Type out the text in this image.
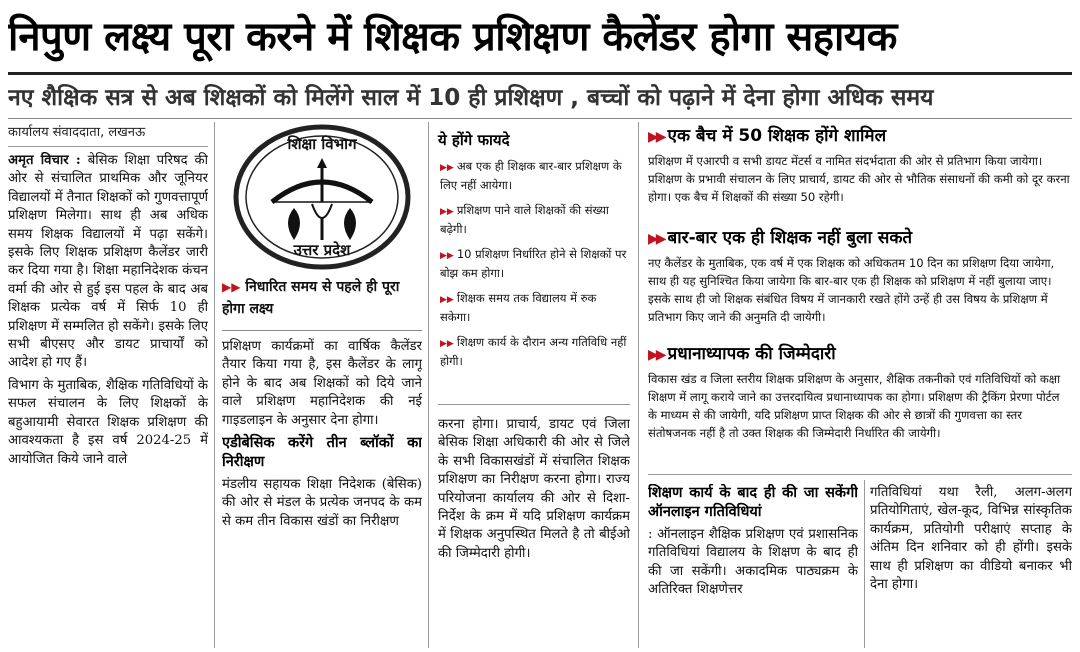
निपुण लक्ष्य पूरा करने में शिक्षक प्रशिक्षण कैलेंडर होगा सहायक
नए शैक्षिक सत्र से अब शिक्षकों को मिलेंगे साल में 10 ही प्रशिक्षण , बच्चों को पढ़ाने में देना होगा अधिक समय
कार्यालय संवाददाता, लखनऊ

अमृत विचार : बेसिक शिक्षा परिषद की ओर से संचालित प्राथमिक और जूनियर विद्यालयों में तैनात शिक्षकों को गुणवत्तापूर्ण प्रशिक्षण मिलेगा। साथ ही अब अधिक समय शिक्षक विद्यालयों में पढ़ा सकेंगे। इसके लिए शिक्षक प्रशिक्षण कैलेंडर जारी कर दिया गया है। शिक्षा महानिदेशक कंचन वर्मा की ओर से हुई इस पहल के बाद अब शिक्षक प्रत्येक वर्ष में सिर्फ 10 ही प्रशिक्षण में सम्मलित हो सकेंगे। इसके लिए सभी बीएसए और डायट प्राचार्यों को आदेश हो गए हैं।

विभाग के मुताबिक, शैक्षिक गतिविधियों के सफल संचालन के लिए शिक्षकों के बहुआयामी सेवारत शिक्षक प्रशिक्षण की आवश्यकता है इस वर्ष 2024-25 में आयोजित किये जाने वाले

शिक्षा विभाग
उत्तर प्रदेश
▶▶ निधारित समय से पहले ही पूरा होगा लक्ष्य

प्रशिक्षण कार्यक्रमों का वार्षिक कैलेंडर तैयार किया गया है, इस कैलेंडर के लागू होने के बाद अब शिक्षकों को दिये जाने वाले प्रशिक्षण महानिदेशक की नई गाइडलाइन के अनुसार देना होगा।

एडीबेसिक करेंगे तीन ब्लॉकों का निरीक्षण

मंडलीय सहायक शिक्षा निदेशक (बेसिक) की ओर से मंडल के प्रत्येक जनपद के कम से कम तीन विकास खंडों का निरीक्षण

ये होंगे फायदे
▶▶ अब एक ही शिक्षक बार-बार प्रशिक्षण के लिए नहीं आयेगा।
▶▶ प्रशिक्षण पाने वाले शिक्षकों की संख्या बढ़ेगी।
▶▶ 10 प्रशिक्षण निर्धारित होने से शिक्षकों पर बोझ कम होगा।
▶▶ शिक्षक समय तक विद्यालय में रुक सकेगा।
▶▶ शिक्षण कार्य के दौरान अन्य गतिविधि नहीं होगी।

करना होगा। प्राचार्य, डायट एवं जिला बेसिक शिक्षा अधिकारी की ओर से जिले के सभी विकासखंडों में संचालित शिक्षक प्रशिक्षण का निरीक्षण करना होगा। राज्य परियोजना कार्यालय की ओर से दिशा-निर्देश के क्रम में यदि प्रशिक्षण कार्यक्रम में शिक्षक अनुपस्थित मिलते है तो बीईओ की जिम्मेदारी होगी।

▶▶ एक बैच में 50 शिक्षक होंगे शामिल
प्रशिक्षण में एआरपी व सभी डायट मेंटर्स व नामित संदर्भदाता की ओर से प्रतिभाग किया जायेगा। प्रशिक्षण के प्रभावी संचालन के लिए प्राचार्य, डायट की ओर से भौतिक संसाधनों की कमी को दूर करना होगा। एक बैच में शिक्षकों की संख्या 50 रहेगी।
▶▶ बार-बार एक ही शिक्षक नहीं बुला सकते
नए कैलेंडर के मुताबिक, एक वर्ष में एक शिक्षक को अधिकतम 10 दिन का प्रशिक्षण दिया जायेगा, साथ ही यह सुनिश्चित किया जायेगा कि बार-बार एक ही शिक्षक को प्रशिक्षण में नहीं बुलाया जाए। इसके साथ ही जो शिक्षक संबंधित विषय में जानकारी रखते होंगे उन्हें ही उस विषय के प्रशिक्षण में प्रतिभाग किए जाने की अनुमति दी जायेगी।
▶▶ प्रधानाध्यापक की जिम्मेदारी
विकास खंड व जिला स्तरीय शिक्षक प्रशिक्षण के अनुसार, शैक्षिक तकनीको एवं गतिविधियों को कक्षा शिक्षण में लागू कराये जाने का उत्तरदायित्व प्रधानाध्यापक का होगा। प्रशिक्षण की ट्रैकिंग प्रेरणा पोर्टल के माध्यम से की जायेगी, यदि प्रशिक्षण प्राप्त शिक्षक की ओर से छात्रों की गुणवत्ता का स्तर संतोषजनक नहीं है तो उक्त शिक्षक की जिम्मेदारी निर्धारित की जायेगी।

शिक्षण कार्य के बाद ही की जा सकेंगी ऑनलाइन गतिविधियां

: ऑनलाइन शैक्षिक प्रशिक्षण एवं प्रशासनिक गतिविधियां विद्यालय के शिक्षण के बाद ही की जा सकेंगी। अकादमिक पाठ्यक्रम के अतिरिक्त शिक्षणेत्तर

गतिविधियां यथा रैली, अलग-अलग प्रतियोगिताएं, खेल-कूद, विभिन्न सांस्कृतिक कार्यक्रम, प्रतियोगी परीक्षाएं सप्ताह के अंतिम दिन शनिवार को ही होंगी। इसके साथ ही प्रशिक्षण का वीडियो बनाकर भी देना होगा।
